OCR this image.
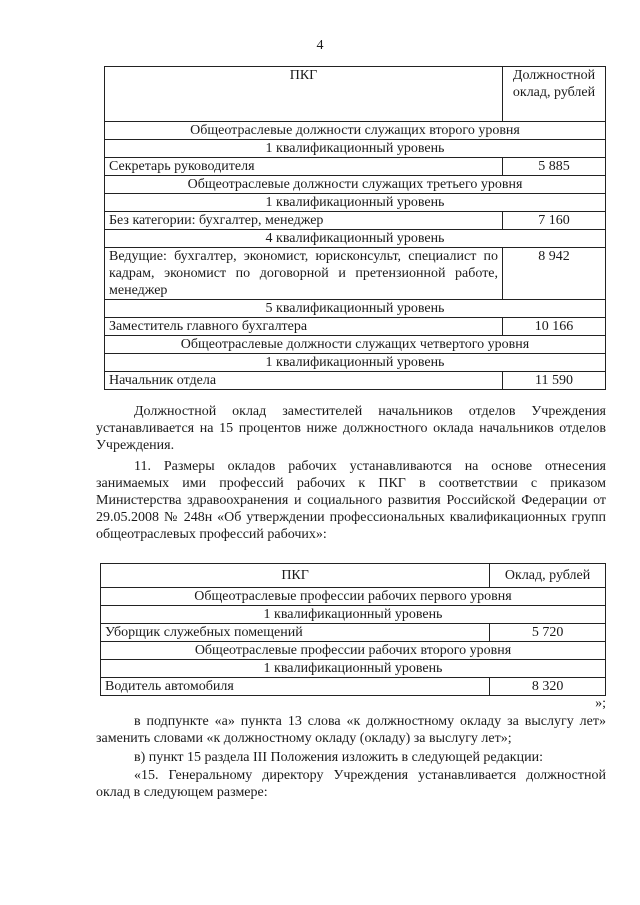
4
ПКГ	Должностной оклад, рублей
Общеотраслевые должности служащих второго уровня	
1 квалификационный уровень	
Секретарь руководителя	5 885
Общеотраслевые должности служащих третьего уровня	
1 квалификационный уровень	
Без категории: бухгалтер, менеджер	7 160
4 квалификационный уровень	
Ведущие: бухгалтер, экономист, юрисконсульт, специалист по кадрам, экономист по договорной и претензионной работе, менеджер	8 942
5 квалификационный уровень	
Заместитель главного бухгалтера	10 166
Общеотраслевые должности служащих четвертого уровня	
1 квалификационный уровень	
Начальник отдела	11 590

Должностной оклад заместителей начальников отделов Учреждения устанавливается на 15 процентов ниже должностного оклада начальников отделов Учреждения.

11. Размеры окладов рабочих устанавливаются на основе отнесения занимаемых ими профессий рабочих к ПКГ в соответствии с приказом Министерства здравоохранения и социального развития Российской Федерации от 29.05.2008 № 248н «Об утверждении профессиональных квалификационных групп общеотраслевых профессий рабочих»:

ПКГ	Оклад, рублей
Общеотраслевые профессии рабочих первого уровня	
1 квалификационный уровень	
Уборщик служебных помещений	5 720
Общеотраслевые профессии рабочих второго уровня	
1 квалификационный уровень	
Водитель автомобиля	8 320

»;

в подпункте «а» пункта 13 слова «к должностному окладу за выслугу лет» заменить словами «к должностному окладу (окладу) за выслугу лет»;

в) пункт 15 раздела III Положения изложить в следующей редакции:

«15. Генеральному директору Учреждения устанавливается должностной оклад в следующем размере:
